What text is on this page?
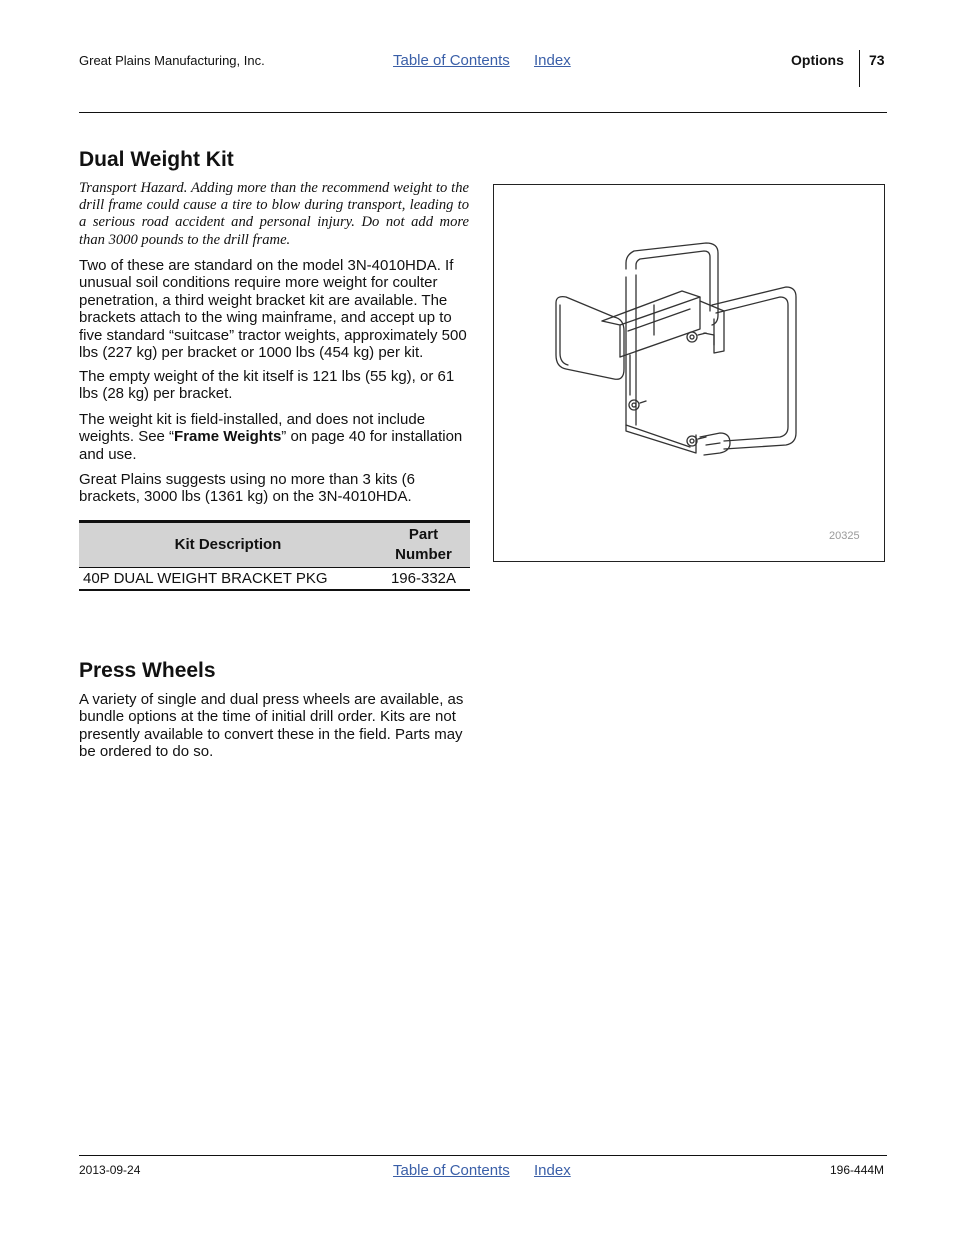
Great Plains Manufacturing, Inc.	Table of Contents Index	Options 73
Dual Weight Kit
Transport Hazard. Adding more than the recommend weight to the drill frame could cause a tire to blow during transport, leading to a serious road accident and personal injury. Do not add more than 3000 pounds to the drill frame.
Two of these are standard on the model 3N-4010HDA. If unusual soil conditions require more weight for coulter penetration, a third weight bracket kit are available. The brackets attach to the wing mainframe, and accept up to five standard “suitcase” tractor weights, approximately 500 lbs (227 kg) per bracket or 1000 lbs (454 kg) per kit.
The empty weight of the kit itself is 121 lbs (55 kg), or 61 lbs (28 kg) per bracket.
The weight kit is field-installed, and does not include weights. See “Frame Weights” on page 40 for installation and use.
Great Plains suggests using no more than 3 kits (6 brackets, 3000 lbs (1361 kg) on the 3N-4010HDA.
Kit Description	Part Number
40P DUAL WEIGHT BRACKET PKG	196-332A
20325
Press Wheels
A variety of single and dual press wheels are available, as bundle options at the time of initial drill order. Kits are not presently available to convert these in the field. Parts may be ordered to do so.
2013-09-24	Table of Contents Index	196-444M
